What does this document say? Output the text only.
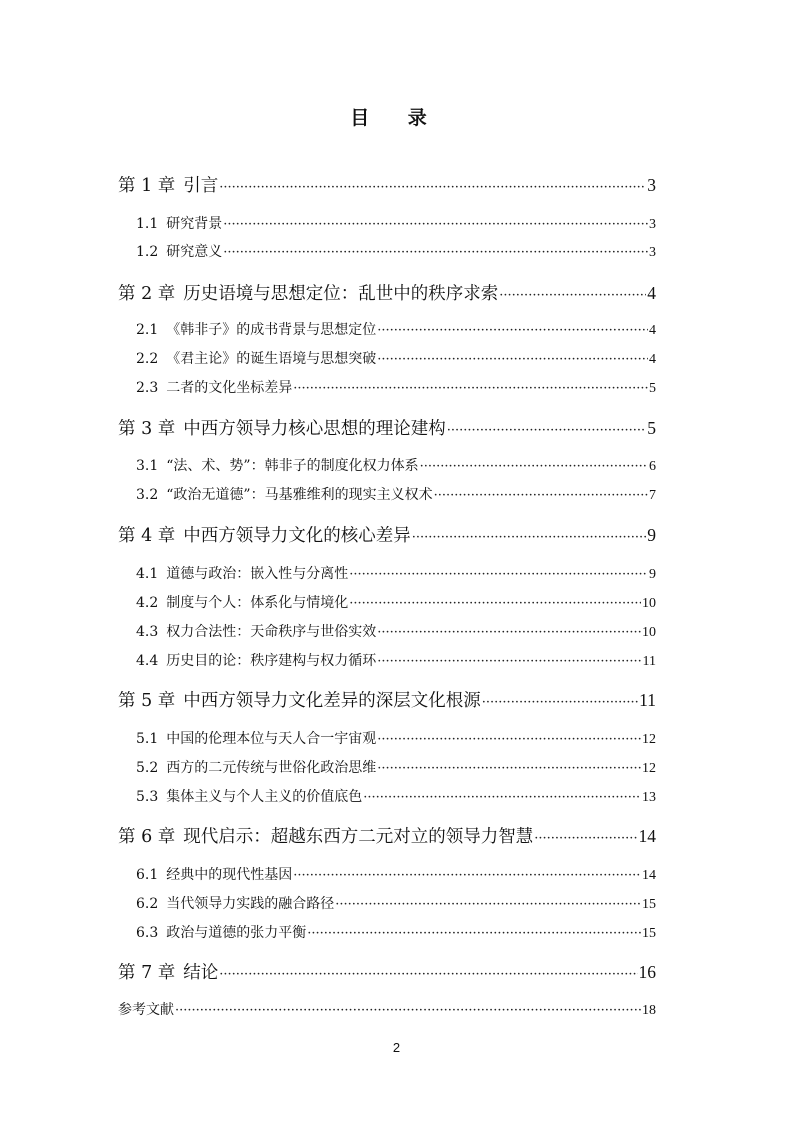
目 录
第 1 章 引言 ·····	3
1.1 研究背景 ·····	3
1.2 研究意义 ·····	3
第 2 章 历史语境与思想定位：乱世中的秩序求索 ·····	4
2.1 《韩非子》的成书背景与思想定位 ·····	4
2.2 《君主论》的诞生语境与思想突破 ·····	4
2.3 二者的文化坐标差异 ·····	5
第 3 章 中西方领导力核心思想的理论建构 ·····	5
3.1 “法、术、势”：韩非子的制度化权力体系 ·····	6
3.2 “政治无道德”：马基雅维利的现实主义权术 ·····	7
第 4 章 中西方领导力文化的核心差异 ·····	9
4.1 道德与政治：嵌入性与分离性 ·····	9
4.2 制度与个人：体系化与情境化 ·····	10
4.3 权力合法性：天命秩序与世俗实效 ·····	10
4.4 历史目的论：秩序建构与权力循环 ·····	11
第 5 章 中西方领导力文化差异的深层文化根源 ·····	11
5.1 中国的伦理本位与天人合一宇宙观 ·····	12
5.2 西方的二元传统与世俗化政治思维 ·····	12
5.3 集体主义与个人主义的价值底色 ·····	13
第 6 章 现代启示：超越东西方二元对立的领导力智慧 ·····	14
6.1 经典中的现代性基因 ·····	14
6.2 当代领导力实践的融合路径 ·····	15
6.3 政治与道德的张力平衡 ·····	15
第 7 章 结论 ·····	16
参考文献 ·····	18
2
